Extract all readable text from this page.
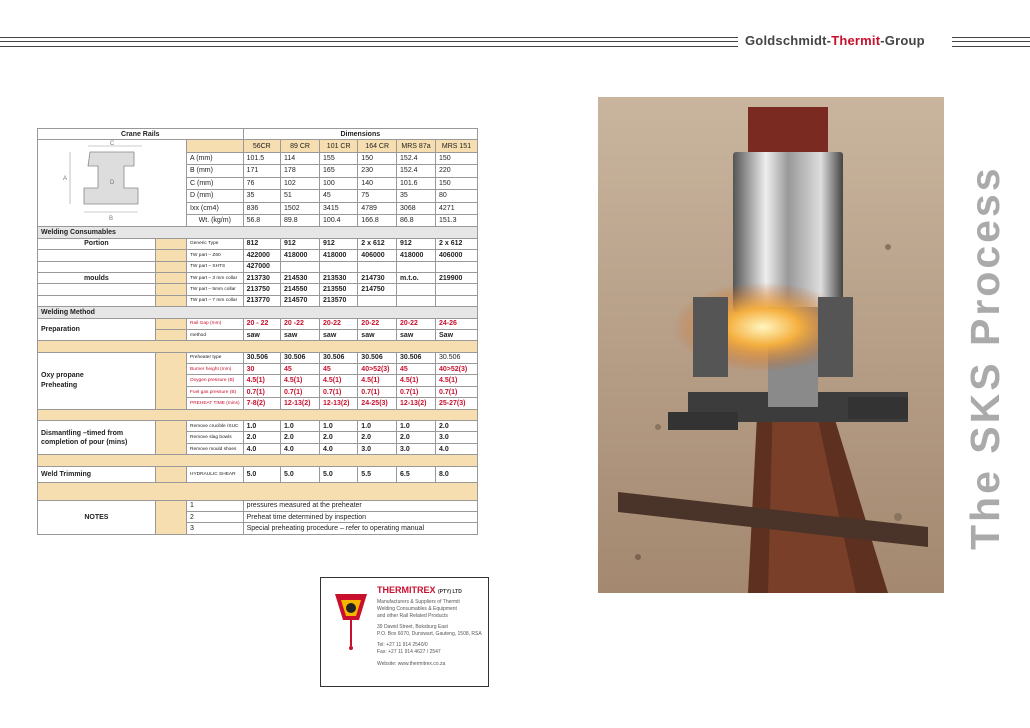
Goldschmidt-Thermit-Group
The SKS Process
Crane Rails			Dimensions					

C
A
D
B			56CR	89 CR	101 CR	164 CR	MRS 87a	MRS 151
		A (mm)	101.5	114	155	150	152.4	150
		B (mm)	171	178	165	230	152.4	220
		C (mm)	76	102	100	140	101.6	150
		D (mm)	35	51	45	75	35	80
		Ixx (cm4)	836	1502	3415	4789	3068	4271
		Wt. (kg/m)	56.8	89.8	100.4	166.8	86.8	151.3
Welding Consumables								
Portion		Generic Type	812	912	912	2 x 612	912	2 x 612
		TW part – Z60	422000	418000	418000	406000	418000	406000
		TW part – SHTS	427000					
moulds		TW part – 3 mm collar	213730	214530	213530	214730	m.t.o.	219900
		TW part – 5mm collar	213750	214550	213550	214750		
		TW part – 7 mm collar	213770	214570	213570			
Welding Method								
Preparation		Rail Gap (mm)	20 - 22	20 -22	20-22	20-22	20-22	24-26
		method	saw	saw	saw	saw	saw	Saw

Oxy propane
Preheating		Preheater type	30.506	30.506	30.506	30.506	30.506	30.506
		Burner height (mm)	30	45	45	40>52(3)	45	40>52(3)
		Oxygen pressure (B)	4.5(1)	4.5(1)	4.5(1)	4.5(1)	4.5(1)	4.5(1)
		Fuel gas pressure (B)	0.7(1)	0.7(1)	0.7(1)	0.7(1)	0.7(1)	0.7(1)
		PREHEAT TIME (mins)	7-8(2)	12-13(2)	12-13(2)	24-25(3)	12-13(2)	25-27(3)

Dismantling –timed from
completion of pour (mins)		Remove crucible /SUC	1.0	1.0	1.0	1.0	1.0	2.0
		Remove slag bowls	2.0	2.0	2.0	2.0	2.0	3.0
		Remove mould shoes	4.0	4.0	4.0	3.0	3.0	4.0

Weld Trimming		HYDRAULIC SHEAR	5.0	5.0	5.0	5.5	6.5	8.0

NOTES		1	pressures measured at the preheater					
		2	Preheat time determined by inspection					
		3	Special preheating procedure – refer to operating manual					
THERMITREX (PTY) LTD
Manufacturers & Suppliers of Thermit
Welding Consumables & Equipment
and other Rail Related Products
39 Dawid Street, Boksburg East
P.O. Box 6070, Dunswart, Gauteng, 1508, RSA
Tel: +27 11 914 2540/0
Fax: +27 11 914 4627 / 2547
Website: www.thermitrex.co.za
